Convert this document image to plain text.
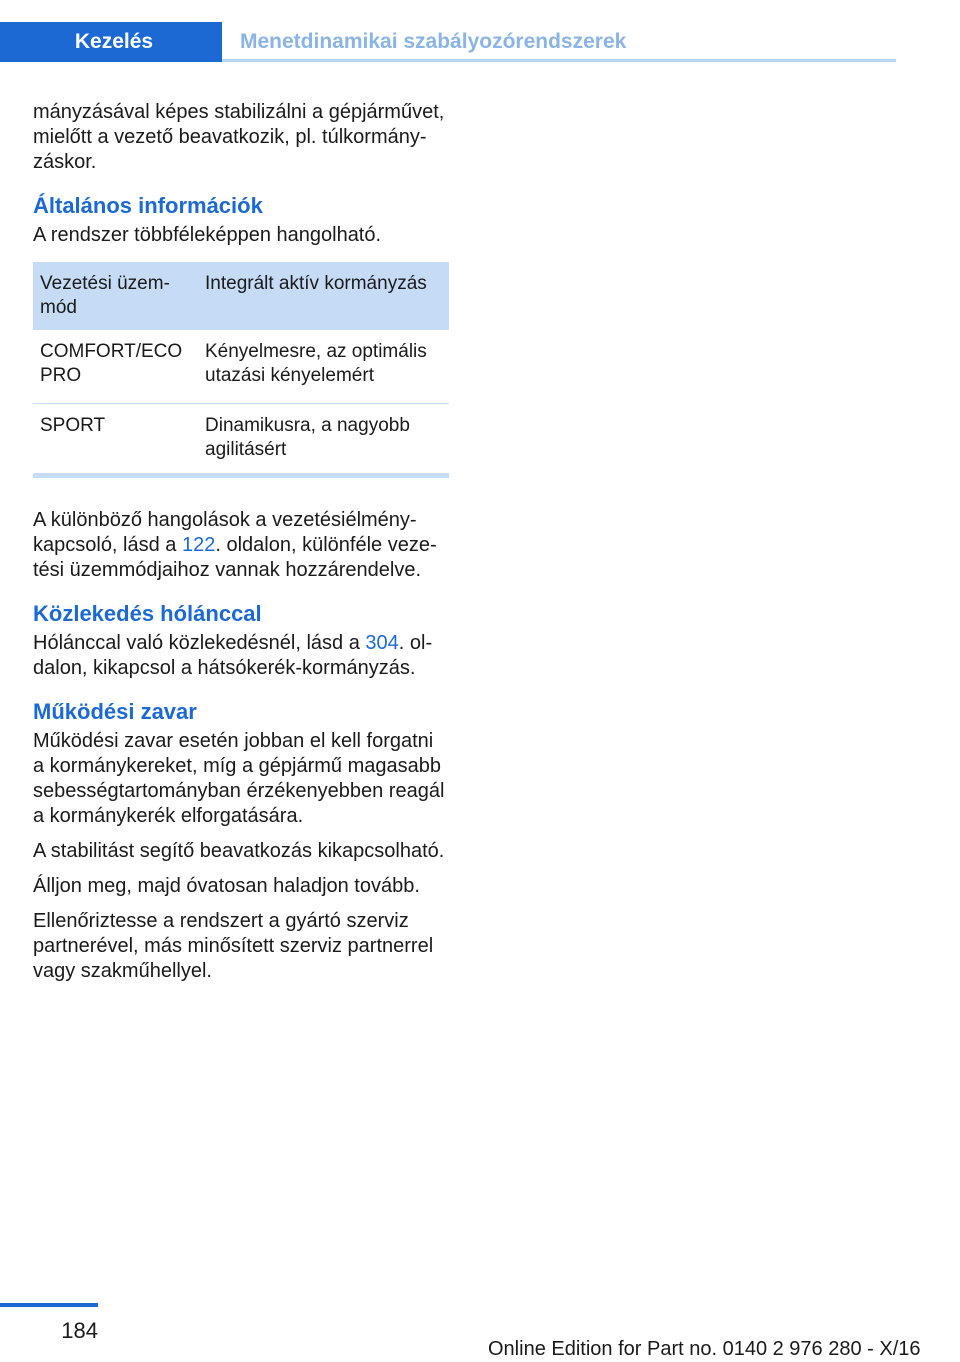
Kezelés	Menetdinamikai szabályozórendszerek

mányzásával képes stabilizálni a gépjárművet, mielőtt a vezető beavatkozik, pl. túlkormány‐ záskor.

Általános információk

A rendszer többféleképpen hangolható.

Vezetési üzem‐ mód	Integrált aktív kormányzás
COMFORT/ECO PRO	Kényelmesre, az optimális utazási kényelemért
SPORT	Dinamikusra, a nagyobb agilitásért

A különböző hangolások a vezetésiélmény‐ kapcsoló, lásd a 122. oldalon, különféle veze‐ tési üzemmódjaihoz vannak hozzárendelve.

Közlekedés hólánccal

Hólánccal való közlekedésnél, lásd a 304. ol‐ dalon, kikapcsol a hátsókerék-kormányzás.

Működési zavar

Működési zavar esetén jobban el kell forgatni a kormánykereket, míg a gépjármű magasabb sebességtartományban érzékenyebben reagál a kormánykerék elforgatására.

A stabilitást segítő beavatkozás kikapcsolható.

Álljon meg, majd óvatosan haladjon tovább.

Ellenőriztesse a rendszert a gyártó szerviz partnerével, más minősített szerviz partnerrel vagy szakműhellyel.

184
Online Edition for Part no. 0140 2 976 280 - X/16
